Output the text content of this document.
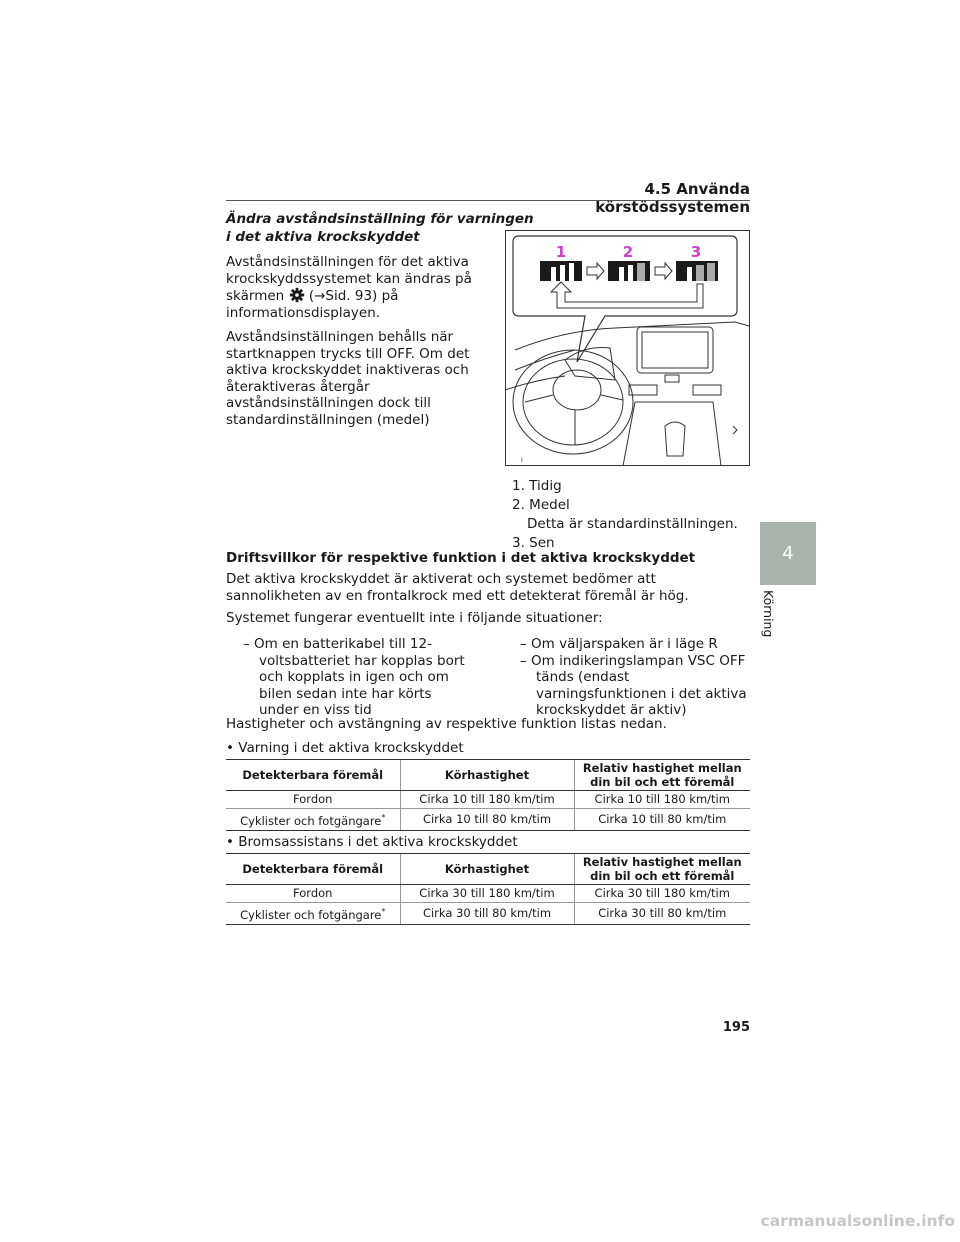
4.5 Använda körstödssystemen
Ändra avståndsinställning för varningen
i det aktiva krockskyddet

Avståndsinställningen för det aktiva krockskyddssystemet kan ändras på skärmen (→Sid. 93) på informationsdisplayen.

Avståndsinställningen behålls när startknappen trycks till OFF. Om det aktiva krockskyddet inaktiveras och återaktiveras återgår avståndsinställningen dock till standardinställningen (medel)

1	2	3
I
1. Tidig
2. Medel
Detta är standardinställningen.
3. Sen
Driftsvillkor för respektive funktion i det aktiva krockskyddet

Det aktiva krockskyddet är aktiverat och systemet bedömer att sannolikheten av en frontalkrock med ett detekterat föremål är hög.

Systemet fungerar eventuellt inte i följande situationer:

– Om en batterikabel till 12-voltsbatteriet har kopplas bort och kopplats in igen och om bilen sedan inte har körts under en viss tid
– Om väljarspaken är i läge R
– Om indikeringslampan VSC OFF tänds (endast varningsfunktionen i det aktiva krockskyddet är aktiv)
Hastigheter och avstängning av respektive funktion listas nedan.
• Varning i det aktiva krockskyddet
Detekterbara föremål	Körhastighet	Relativ hastighet mellan din bil och ett föremål
Fordon	Cirka 10 till 180 km/tim	Cirka 10 till 180 km/tim
Cyklister och fotgängare*	Cirka 10 till 80 km/tim	Cirka 10 till 80 km/tim
• Bromsassistans i det aktiva krockskyddet
Detekterbara föremål	Körhastighet	Relativ hastighet mellan din bil och ett föremål
Fordon	Cirka 30 till 180 km/tim	Cirka 30 till 180 km/tim
Cyklister och fotgängare*	Cirka 30 till 80 km/tim	Cirka 30 till 80 km/tim
4
Körning
195
carmanualsonline.info
